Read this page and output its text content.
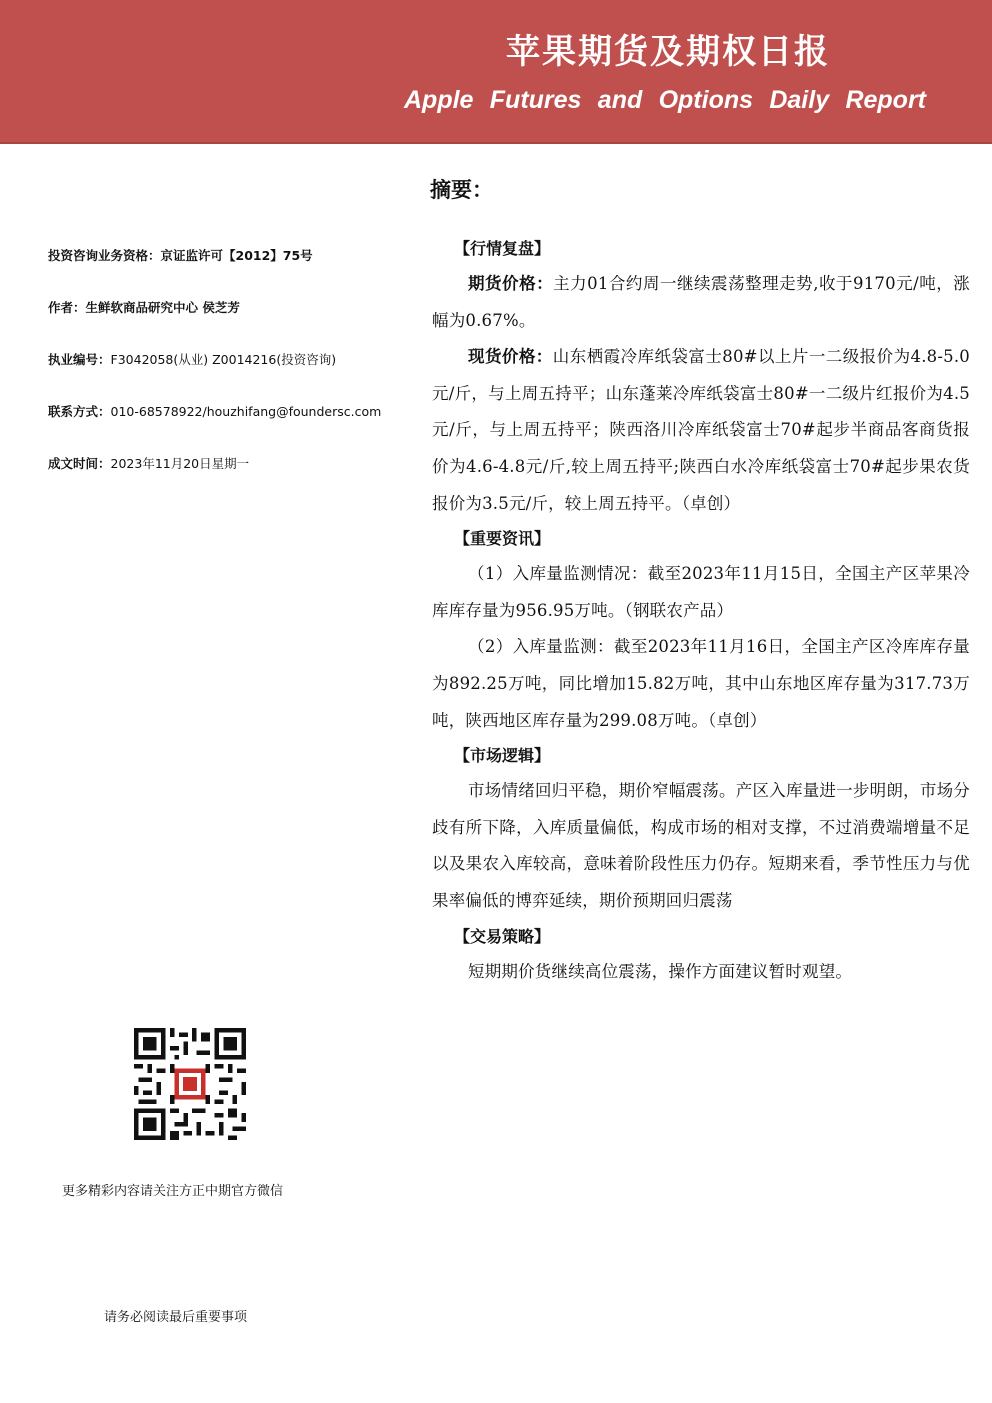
苹果期货及期权日报
Apple Futures and Options Daily Report
投资咨询业务资格：京证监许可【2012】75号
作者：生鲜软商品研究中心 侯芝芳
执业编号：F3042058(从业) Z0014216(投资咨询)
联系方式：010-68578922/houzhifang@foundersc.com
成文时间：2023年11月20日星期一
更多精彩内容请关注方正中期官方微信
请务必阅读最后重要事项
摘要：
【行情复盘】

期货价格：主力01合约周一继续震荡整理走势,收于9170元/吨，涨幅为0.67%。

现货价格：山东栖霞冷库纸袋富士80#以上片一二级报价为4.8-5.0元/斤，与上周五持平；山东蓬莱冷库纸袋富士80#一二级片红报价为4.5元/斤，与上周五持平；陕西洛川冷库纸袋富士70#起步半商品客商货报价为4.6-4.8元/斤,较上周五持平;陕西白水冷库纸袋富士70#起步果农货报价为3.5元/斤，较上周五持平。（卓创）

【重要资讯】

（1）入库量监测情况：截至2023年11月15日，全国主产区苹果冷库库存量为956.95万吨。（钢联农产品）

（2）入库量监测：截至2023年11月16日，全国主产区冷库库存量为892.25万吨，同比增加15.82万吨，其中山东地区库存量为317.73万吨，陕西地区库存量为299.08万吨。（卓创）

【市场逻辑】

市场情绪回归平稳，期价窄幅震荡。产区入库量进一步明朗，市场分歧有所下降，入库质量偏低，构成市场的相对支撑，不过消费端增量不足以及果农入库较高，意味着阶段性压力仍存。短期来看，季节性压力与优果率偏低的博弈延续，期价预期回归震荡

【交易策略】

短期期价货继续高位震荡，操作方面建议暂时观望。
